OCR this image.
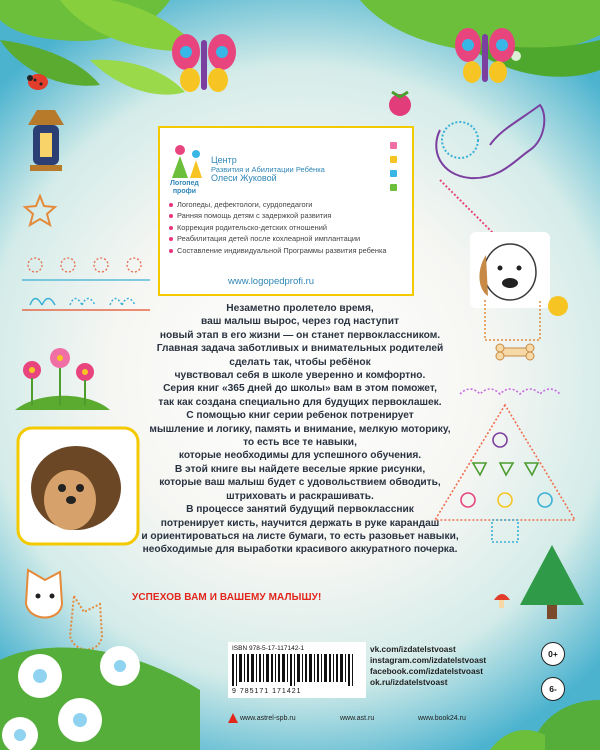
Логопед
профи
Центр
Развития и Абилитации Ребёнка
Олеси Жуковой
Логопеды, дефектологи, сурдопедагоги
Ранняя помощь детям с задержкой развития
Коррекция родительско-детских отношений
Реабилитация детей после кохлеарной имплантации
Составление индивидуальной Программы развития ребенка
www.logopedprofi.ru
Незаметно пролетело время,
ваш малыш вырос, через год наступит
новый этап в его жизни — он станет первоклассником.
Главная задача заботливых и внимательных родителей
сделать так, чтобы ребёнок
чувствовал себя в школе уверенно и комфортно.
Серия книг «365 дней до школы» вам в этом поможет,
так как создана специально для будущих первоклашек.
С помощью книг серии ребенок потренирует
мышление и логику, память и внимание, мелкую моторику,
то есть все те навыки,
которые необходимы для успешного обучения.
В этой книге вы найдете веселые яркие рисунки,
которые ваш малыш будет с удовольствием обводить,
штриховать и раскрашивать.
В процессе занятий будущий первоклассник
потренирует кисть, научится держать в руке карандаш
и ориентироваться на листе бумаги, то есть разовьет навыки,
необходимые для выработки красивого аккуратного почерка.
УСПЕХОВ ВАМ И ВАШЕМУ МАЛЫШУ!
ISBN 978-5-17-117142-1
9 785171 171421
vk.com/izdatelstvoast
instagram.com/izdatelstvoast
facebook.com/izdatelstvoast
ok.ru/izdatelstvoast
0+
6-
www.astrel-spb.ru	www.ast.ru	www.book24.ru
